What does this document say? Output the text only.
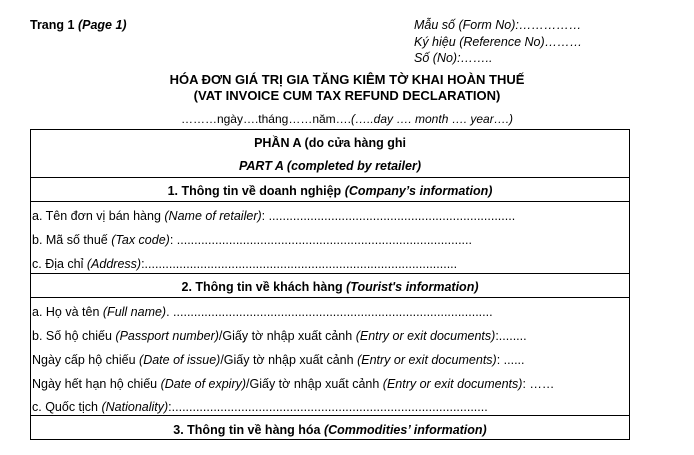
Trang 1 (Page 1)	Mẫu số (Form No):……………
Ký hiệu (Reference No)………
Số (No):……..
HÓA ĐƠN GIÁ TRỊ GIA TĂNG KIÊM TỜ KHAI HOÀN THUẾ
(VAT INVOICE CUM TAX REFUND DECLARATION)
………ngày….tháng……năm….(…..day …. month …. year….)
PHẦN A (do cửa hàng ghi
PART A (completed by retailer)
1. Thông tin về doanh nghiệp (Company’s information)
a. Tên đơn vị bán hàng (Name of retailer): .......................................................................
b. Mã số thuế (Tax code): .....................................................................................
c. Địa chỉ (Address):..........................................................................................
2. Thông tin về khách hàng (Tourist's information)
a. Họ và tên (Full name). ............................................................................................
b. Số hộ chiếu (Passport number)/Giấy tờ nhập xuất cảnh (Entry or exit documents):........
Ngày cấp hộ chiếu (Date of issue)/Giấy tờ nhập xuất cảnh (Entry or exit documents): ......
Ngày hết hạn hộ chiếu (Date of expiry)/Giấy tờ nhập xuất cảnh (Entry or exit documents): ……
c. Quốc tịch (Nationality):...........................................................................................
3. Thông tin về hàng hóa (Commodities’ information)
